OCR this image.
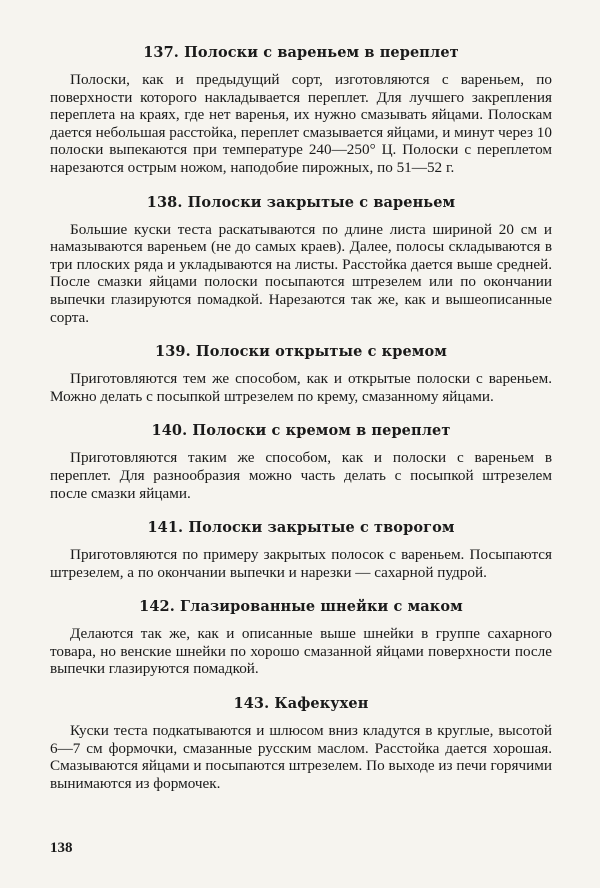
137. Полоски с вареньем в переплет

Полоски, как и предыдущий сорт, изготовляются с вареньем, по поверхности которого накладывается переплет. Для лучшего закрепления переплета на краях, где нет варенья, их нужно смазывать яйцами. Полоскам дается небольшая расстойка, переплет смазывается яйцами, и минут через 10 полоски выпекаются при температуре 240—250° Ц. Полоски с переплетом нарезаются острым ножом, наподобие пирожных, по 51—52 г.

138. Полоски закрытые с вареньем

Большие куски теста раскатываются по длине листа шириной 20 см и намазываются вареньем (не до самых краев). Далее, полосы складываются в три плоских ряда и укладываются на листы. Расстойка дается выше средней. После смазки яйцами полоски посыпаются штрезелем или по окончании выпечки глазируются помадкой. Нарезаются так же, как и вышеописанные сорта.

139. Полоски открытые с кремом

Приготовляются тем же способом, как и открытые полоски с вареньем. Можно делать с посыпкой штрезелем по крему, смазанному яйцами.

140. Полоски с кремом в переплет

Приготовляются таким же способом, как и полоски с вареньем в переплет. Для разнообразия можно часть делать с посыпкой штрезелем после смазки яйцами.

141. Полоски закрытые с творогом

Приготовляются по примеру закрытых полосок с вареньем. Посыпаются штрезелем, а по окончании выпечки и нарезки — сахарной пудрой.

142. Глазированные шнейки с маком

Делаются так же, как и описанные выше шнейки в группе сахарного товара, но венские шнейки по хорошо смазанной яйцами поверхности после выпечки глазируются помадкой.

143. Кафекухен

Куски теста подкатываются и шлюсом вниз кладутся в круглые, высотой 6—7 см формочки, смазанные русским маслом. Расстойка дается хорошая. Смазываются яйцами и посыпаются штрезелем. По выходе из печи горячими вынимаются из формочек.

138
